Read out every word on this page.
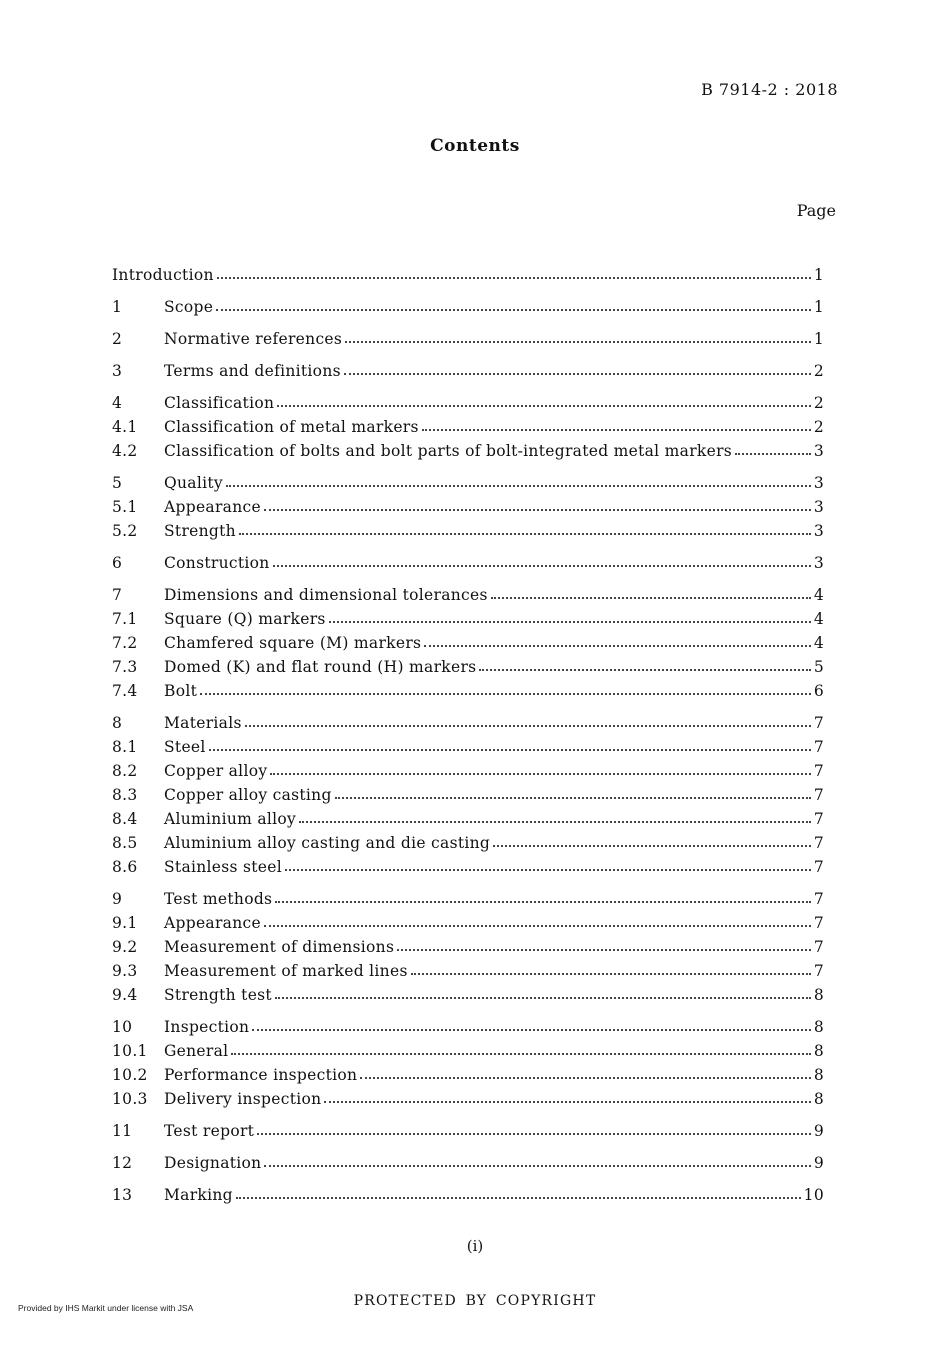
B 7914-2 : 2018
Contents
Page
Introduction	1
1	Scope	1
2	Normative references	1
3	Terms and definitions	2
4	Classification	2
4.1	Classification of metal markers	2
4.2	Classification of bolts and bolt parts of bolt-integrated metal markers	3
5	Quality	3
5.1	Appearance	3
5.2	Strength	3
6	Construction	3
7	Dimensions and dimensional tolerances	4
7.1	Square (Q) markers	4
7.2	Chamfered square (M) markers	4
7.3	Domed (K) and flat round (H) markers	5
7.4	Bolt	6
8	Materials	7
8.1	Steel	7
8.2	Copper alloy	7
8.3	Copper alloy casting	7
8.4	Aluminium alloy	7
8.5	Aluminium alloy casting and die casting	7
8.6	Stainless steel	7
9	Test methods	7
9.1	Appearance	7
9.2	Measurement of dimensions	7
9.3	Measurement of marked lines	7
9.4	Strength test	8
10	Inspection	8
10.1	General	8
10.2	Performance inspection	8
10.3	Delivery inspection	8
11	Test report	9
12	Designation	9
13	Marking	10
(i)
Provided by IHS Markit under license with JSA	PROTECTED BY COPYRIGHT
